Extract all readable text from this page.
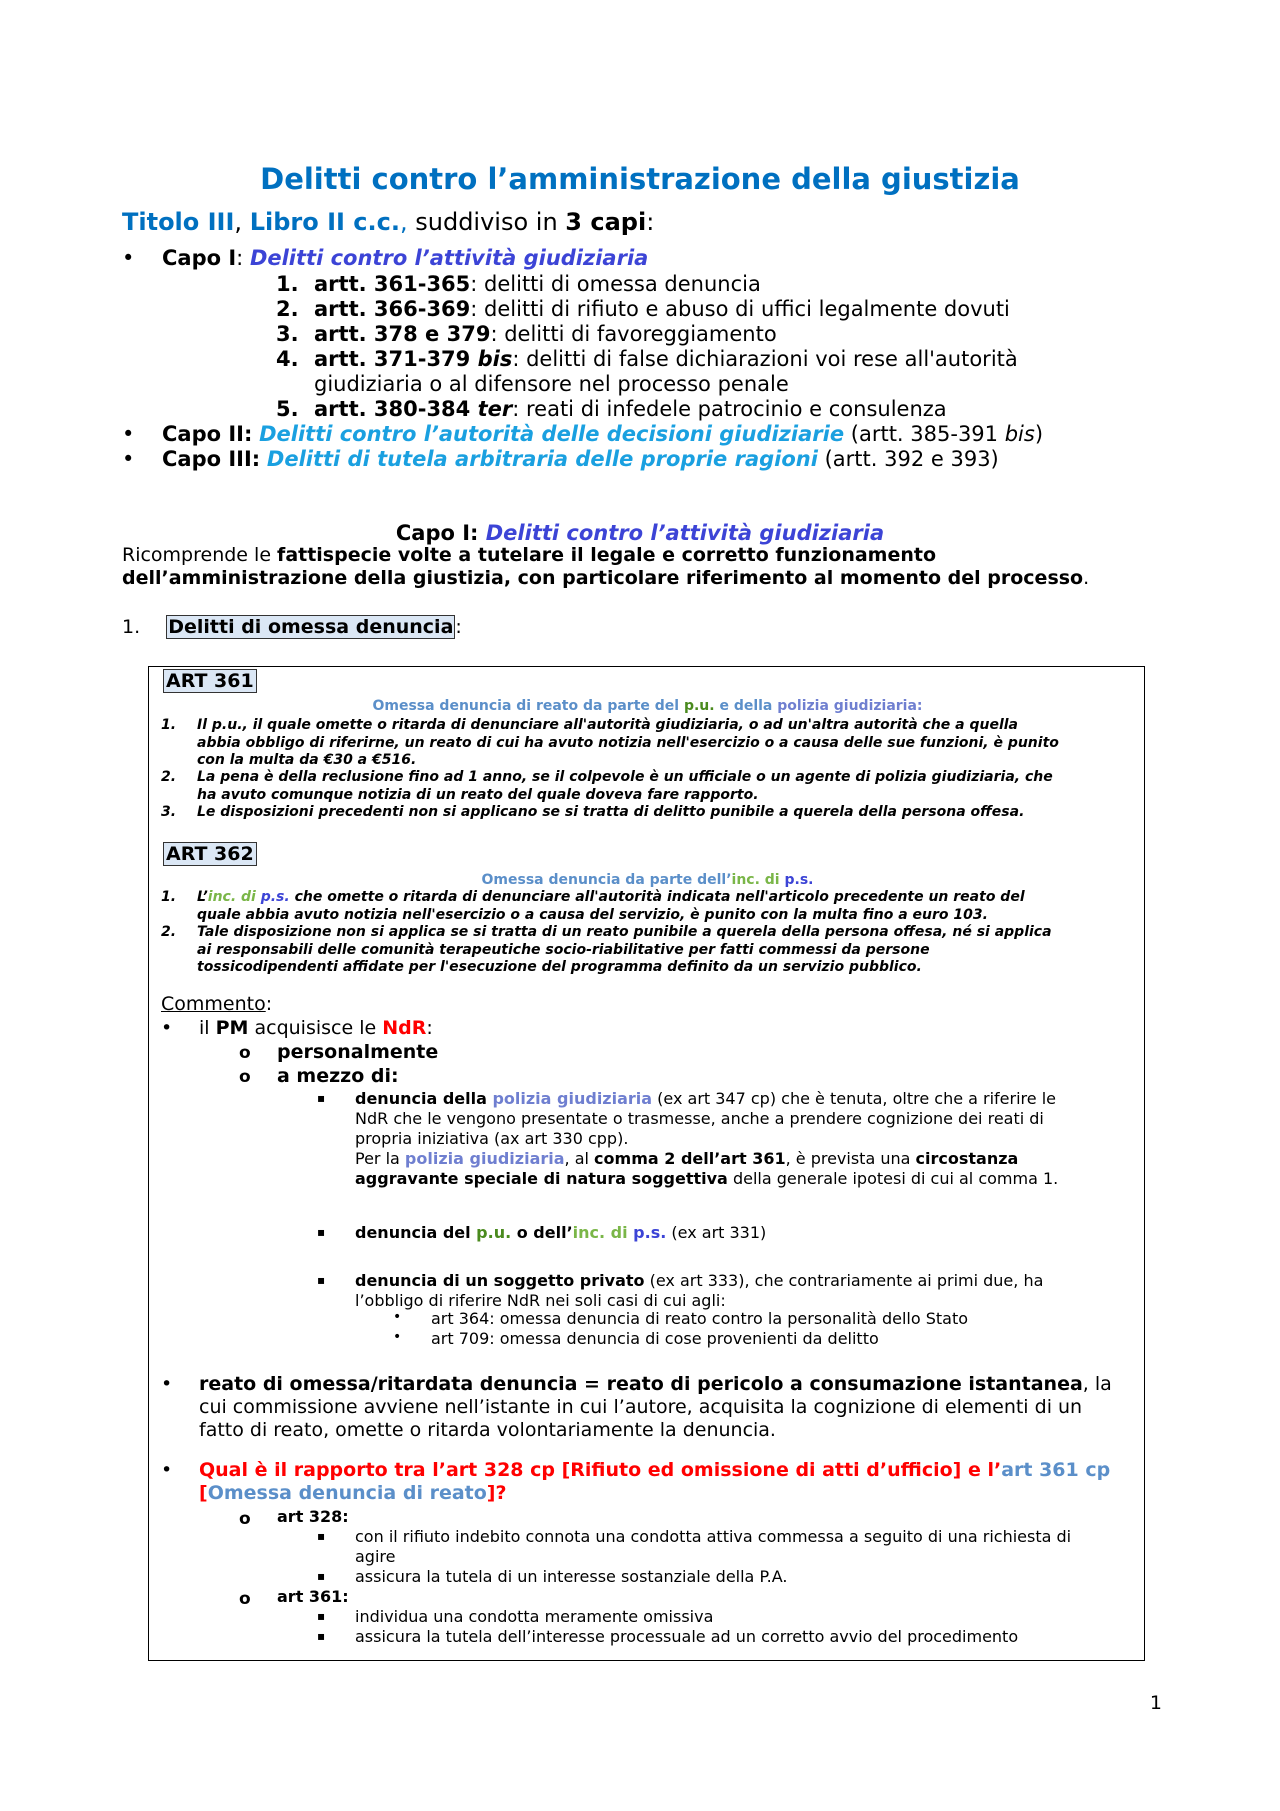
Delitti contro l’amministrazione della giustizia
Titolo III, Libro II c.c., suddiviso in 3 capi:
• Capo I: Delitti contro l’attività giudiziaria
1. artt. 361-365: delitti di omessa denuncia
2. artt. 366-369: delitti di rifiuto e abuso di uffici legalmente dovuti
3. artt. 378 e 379: delitti di favoreggiamento
4. artt. 371-379 bis: delitti di false dichiarazioni voi rese all'autorità
giudiziaria o al difensore nel processo penale
5. artt. 380-384 ter: reati di infedele patrocinio e consulenza
• Capo II: Delitti contro l’autorità delle decisioni giudiziarie (artt. 385-391 bis)
• Capo III: Delitti di tutela arbitraria delle proprie ragioni (artt. 392 e 393)
Capo I: Delitti contro l’attività giudiziaria
Ricomprende le fattispecie volte a tutelare il legale e corretto funzionamento
dell’amministrazione della giustizia, con particolare riferimento al momento del processo.
1. Delitti di omessa denuncia :
ART 361
Omessa denuncia di reato da parte del p.u. e della polizia giudiziaria:
1. Il p.u., il quale omette o ritarda di denunciare all'autorità giudiziaria, o ad un'altra autorità che a quella
abbia obbligo di riferirne, un reato di cui ha avuto notizia nell'esercizio o a causa delle sue funzioni, è punito
con la multa da €30 a €516.
2. La pena è della reclusione fino ad 1 anno, se il colpevole è un ufficiale o un agente di polizia giudiziaria, che
ha avuto comunque notizia di un reato del quale doveva fare rapporto.
3. Le disposizioni precedenti non si applicano se si tratta di delitto punibile a querela della persona offesa.
ART 362
Omessa denuncia da parte dell’inc. di p.s.
1. L’inc. di p.s. che omette o ritarda di denunciare all'autorità indicata nell'articolo precedente un reato del
quale abbia avuto notizia nell'esercizio o a causa del servizio, è punito con la multa fino a euro 103.
2. Tale disposizione non si applica se si tratta di un reato punibile a querela della persona offesa, né si applica
ai responsabili delle comunità terapeutiche socio-riabilitative per fatti commessi da persone
tossicodipendenti affidate per l'esecuzione del programma definito da un servizio pubblico.
Commento:
• il PM acquisisce le NdR:
o personalmente
o a mezzo di:
▪ denuncia della polizia giudiziaria (ex art 347 cp) che è tenuta, oltre che a riferire le
NdR che le vengono presentate o trasmesse, anche a prendere cognizione dei reati di
propria iniziativa (ax art 330 cpp).
Per la polizia giudiziaria, al comma 2 dell’art 361, è prevista una circostanza
aggravante speciale di natura soggettiva della generale ipotesi di cui al comma 1.
▪ denuncia del p.u. o dell’inc. di p.s. (ex art 331)
▪ denuncia di un soggetto privato (ex art 333), che contrariamente ai primi due, ha
l’obbligo di riferire NdR nei soli casi di cui agli:
• art 364: omessa denuncia di reato contro la personalità dello Stato
• art 709: omessa denuncia di cose provenienti da delitto
• reato di omessa/ritardata denuncia = reato di pericolo a consumazione istantanea, la
cui commissione avviene nell’istante in cui l’autore, acquisita la cognizione di elementi di un
fatto di reato, omette o ritarda volontariamente la denuncia.
• Qual è il rapporto tra l’art 328 cp [Rifiuto ed omissione di atti d’ufficio] e l’art 361 cp
[Omessa denuncia di reato]?
o art 328:
▪ con il rifiuto indebito connota una condotta attiva commessa a seguito di una richiesta di
agire
▪ assicura la tutela di un interesse sostanziale della P.A.
o art 361:
▪ individua una condotta meramente omissiva
▪ assicura la tutela dell’interesse processuale ad un corretto avvio del procedimento
1
